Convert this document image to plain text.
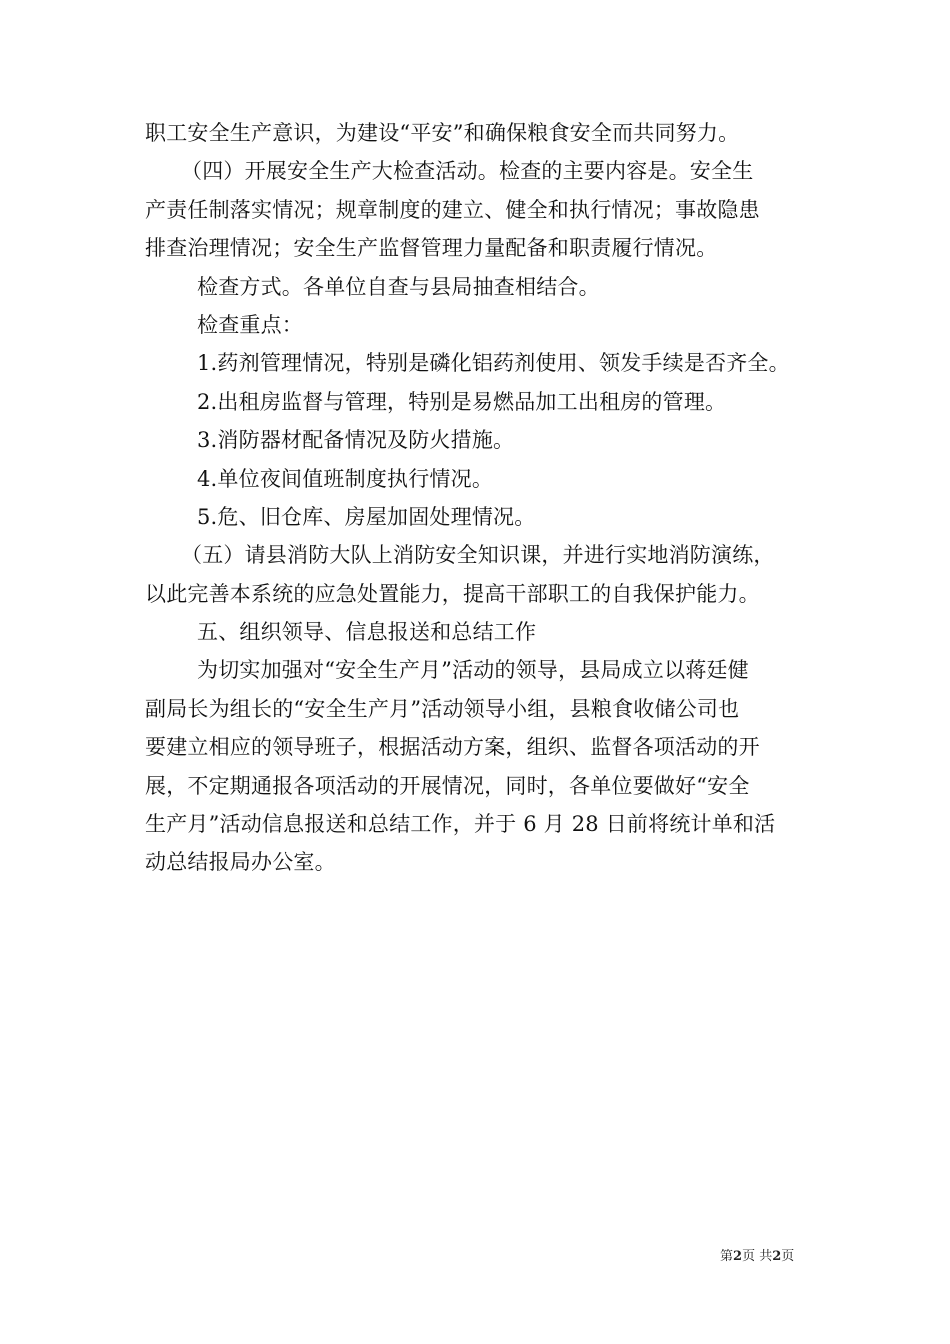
职工安全生产意识，为建设“平安”和确保粮食安全而共同努力。
（四）开展安全生产大检查活动。检查的主要内容是。安全生
产责任制落实情况；规章制度的建立、健全和执行情况；事故隐患
排查治理情况；安全生产监督管理力量配备和职责履行情况。
检查方式。各单位自查与县局抽查相结合。
检查重点：
1.药剂管理情况，特别是磷化铝药剂使用、领发手续是否齐全。
2.出租房监督与管理，特别是易燃品加工出租房的管理。
3.消防器材配备情况及防火措施。
4.单位夜间值班制度执行情况。
5.危、旧仓库、房屋加固处理情况。
（五）请县消防大队上消防安全知识课，并进行实地消防演练，
以此完善本系统的应急处置能力，提高干部职工的自我保护能力。
五、组织领导、信息报送和总结工作
为切实加强对“安全生产月”活动的领导，县局成立以蒋廷健
副局长为组长的“安全生产月”活动领导小组，县粮食收储公司也
要建立相应的领导班子，根据活动方案，组织、监督各项活动的开
展，不定期通报各项活动的开展情况，同时，各单位要做好“安全
生产月”活动信息报送和总结工作，并于 6 月 28 日前将统计单和活
动总结报局办公室。
第2页 共2页
